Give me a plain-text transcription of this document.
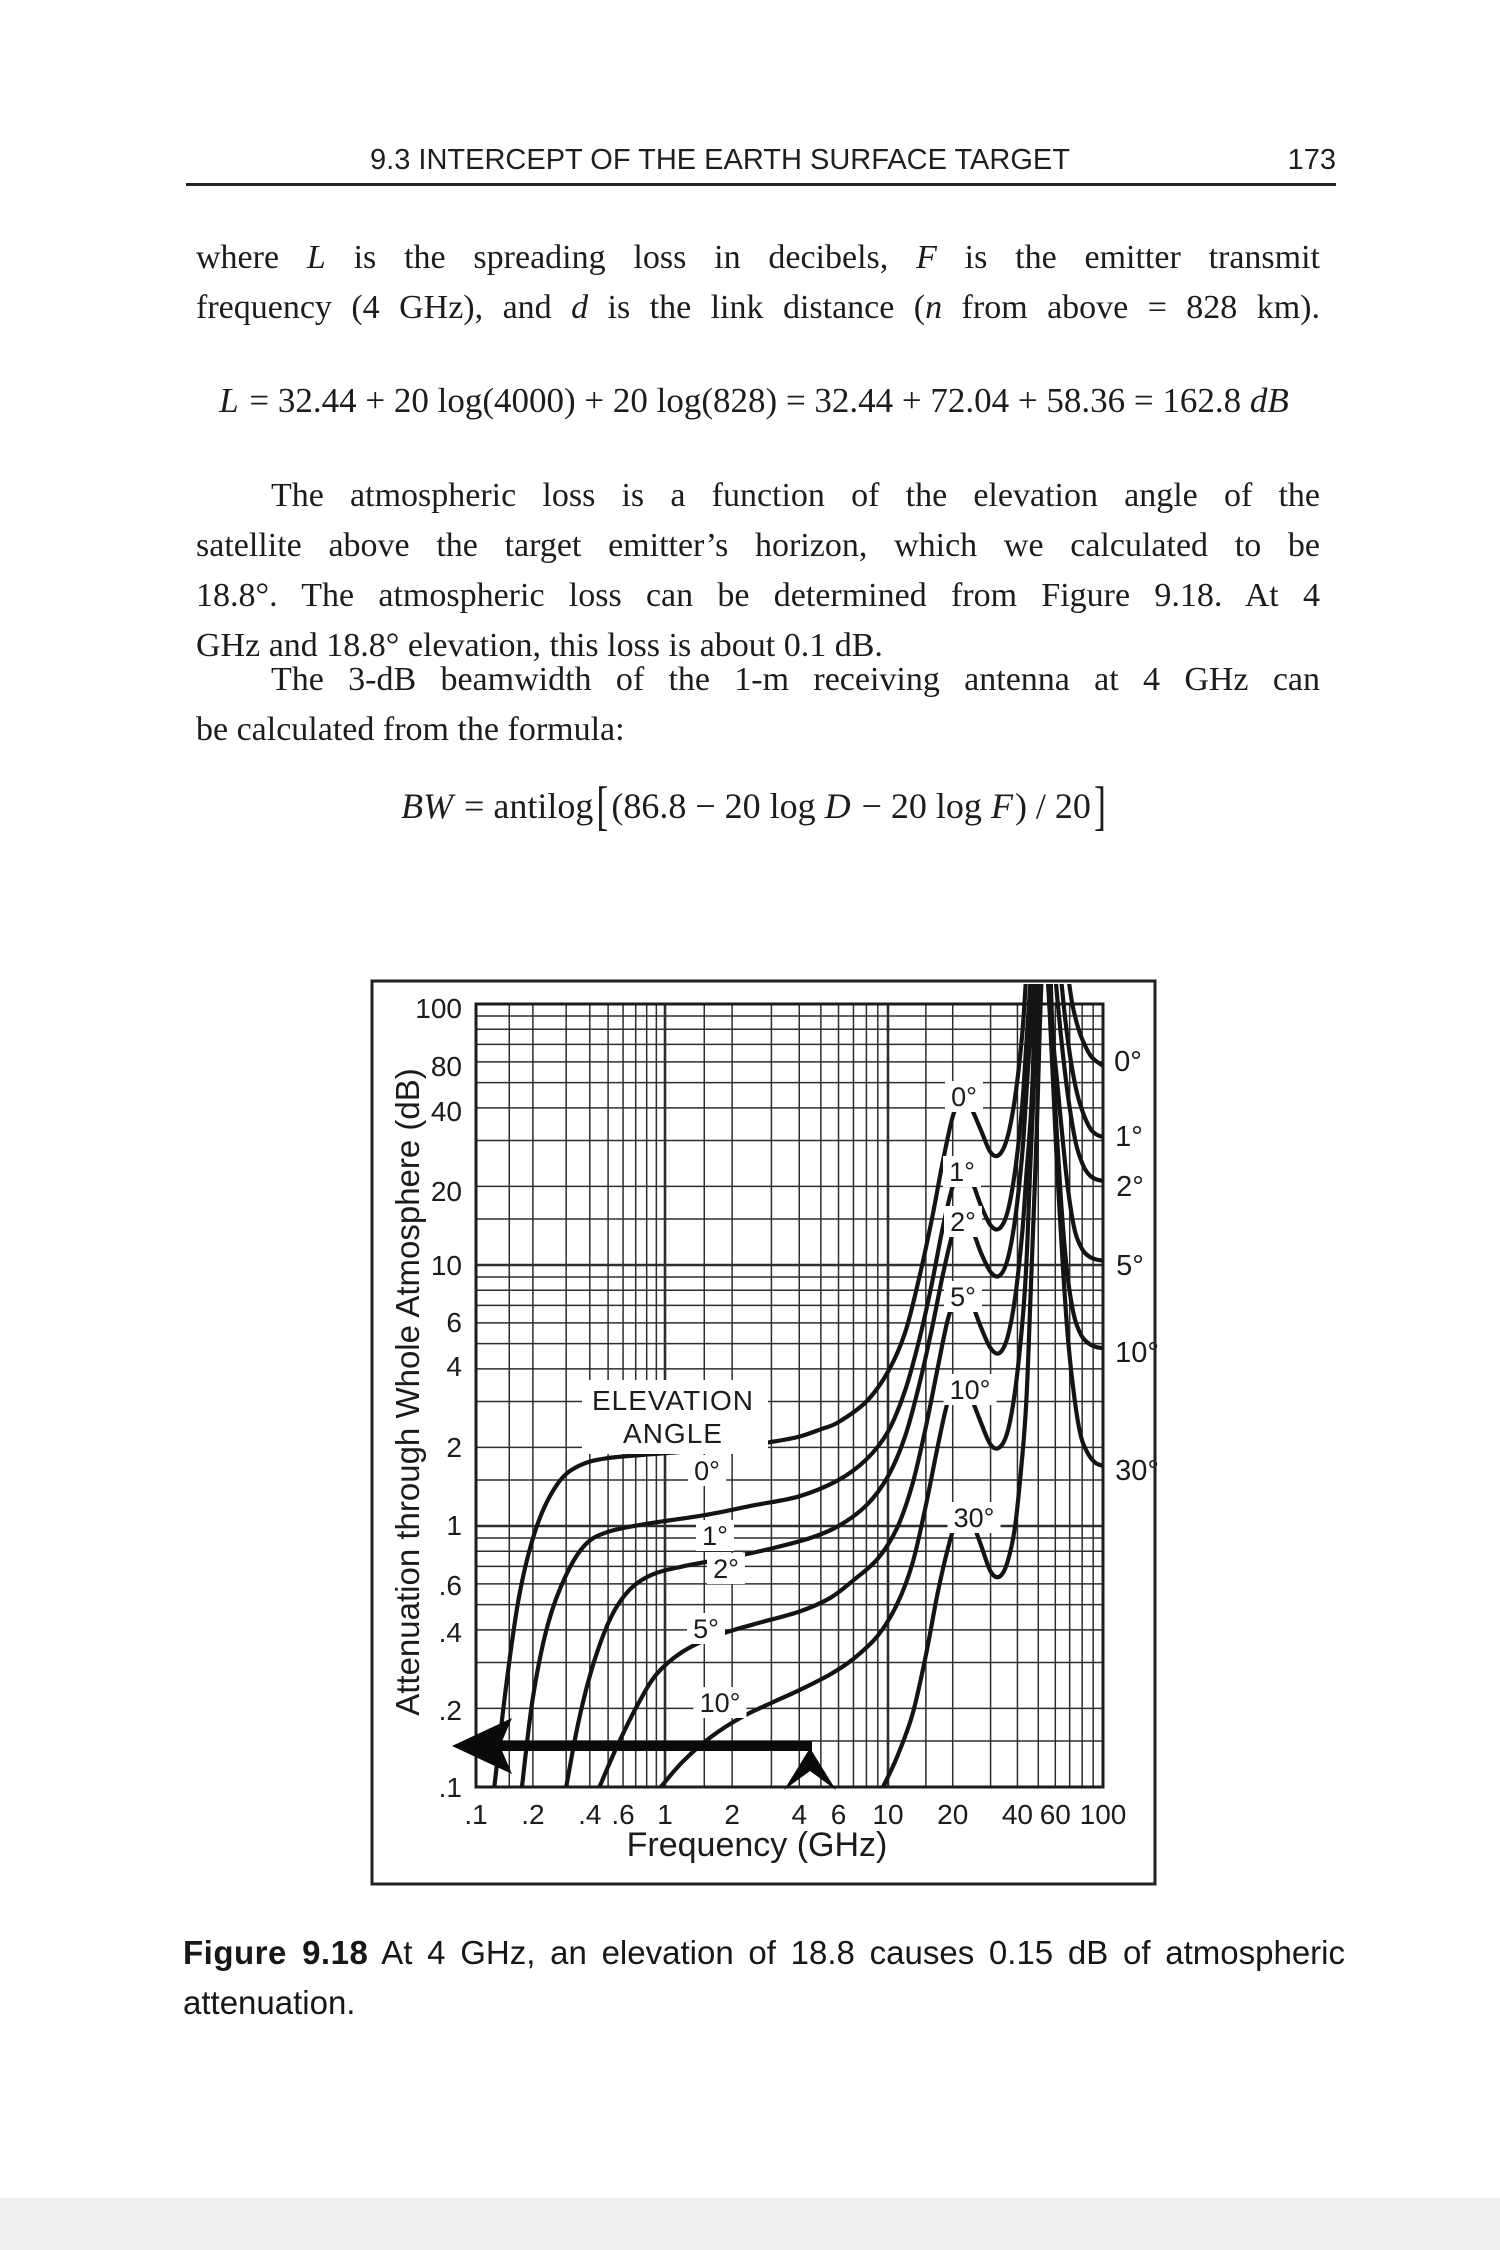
9.3 INTERCEPT OF THE EARTH SURFACE TARGET	173
where L is the spreading loss in decibels, F is the emitter transmit
frequency (4 GHz), and d is the link distance (n from above = 828 km).
L = 32.44 + 20 log(4000) + 20 log(828) = 32.44 + 72.04 + 58.36 = 162.8 dB
The atmospheric loss is a function of the elevation angle of the
satellite above the target emitter’s horizon, which we calculated to be
18.8°. The atmospheric loss can be determined from Figure 9.18. At 4
GHz and 18.8° elevation, this loss is about 0.1 dB.
The 3-dB beamwidth of the 1-m receiving antenna at 4 GHz can
be calculated from the formula:
BW = antilog[(86.8 − 20 log D − 20 log F) / 20]
ELEVATION
ANGLE
0°
1°
2°
5°
10°
0°
1°
2°
5°
10°
30°
0°
1°
2°
5°
10°
30°
.1 .2 .4 .6 1 2 4 6 10 20 40 60 100
100
80
40
20
10
6
4
2
1
.6
.4
.2
.1
Attenuation through Whole Atmosphere (dB)
Frequency (GHz)
Figure 9.18 At 4 GHz, an elevation of 18.8 causes 0.15 dB of atmospheric
attenuation.
